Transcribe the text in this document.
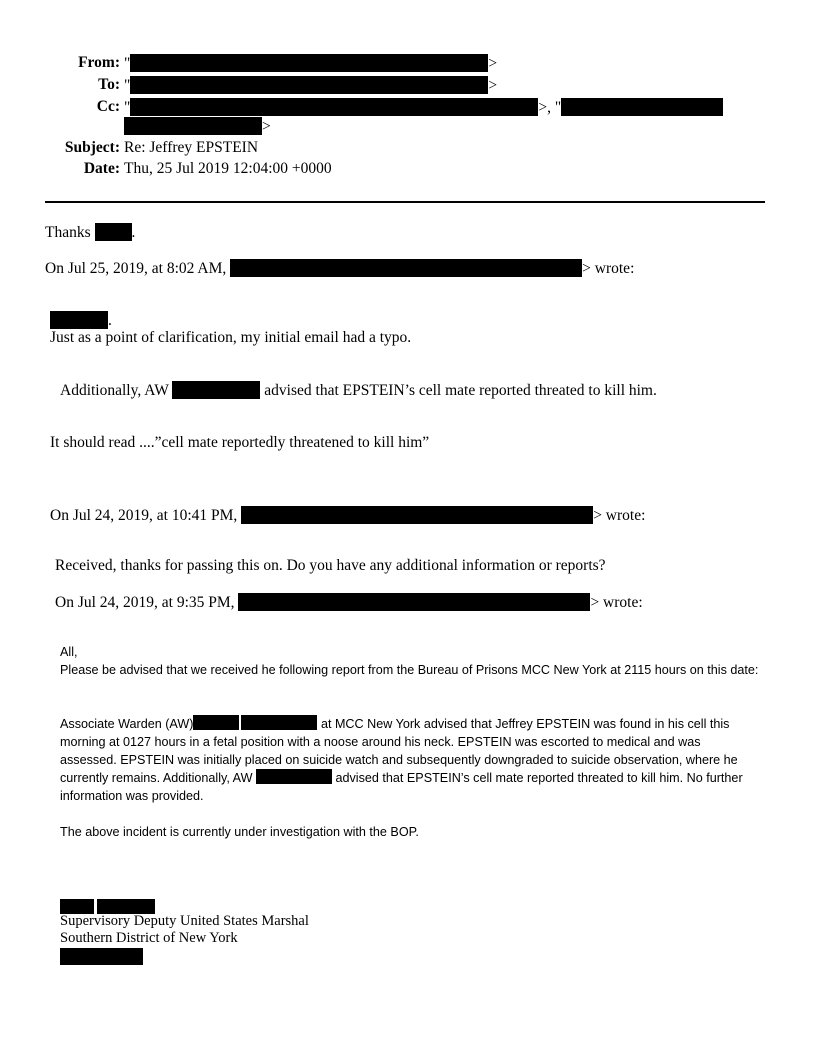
From: "	>
To: "	>
Cc: "	>, "
>
Subject: Re: Jeffrey EPSTEIN
Date: Thu, 25 Jul 2019 12:04:00 +0000
Thanks	.
On Jul 25, 2019, at 8:02 AM,	> wrote:
.
Just as a point of clarification, my initial email had a typo.
Additionally, AW	advised that EPSTEIN’s cell mate reported threated to kill him.
It should read ....”cell mate reportedly threatened to kill him”
On Jul 24, 2019, at 10:41 PM,	> wrote:
Received, thanks for passing this on. Do you have any additional information or reports?
On Jul 24, 2019, at 9:35 PM,	> wrote:
All,
Please be advised that we received he following report from the Bureau of Prisons MCC New York at 2115 hours on this date:
Associate Warden (AW)	at MCC New York advised that Jeffrey EPSTEIN was found in his cell this morning at 0127 hours in a fetal position with a noose around his neck. EPSTEIN was escorted to medical and was assessed. EPSTEIN was initially placed on suicide watch and subsequently downgraded to suicide observation, where he currently remains. Additionally, AW	advised that EPSTEIN’s cell mate reported threated to kill him. No further information was provided.
The above incident is currently under investigation with the BOP.
Supervisory Deputy United States Marshal
Southern District of New York
